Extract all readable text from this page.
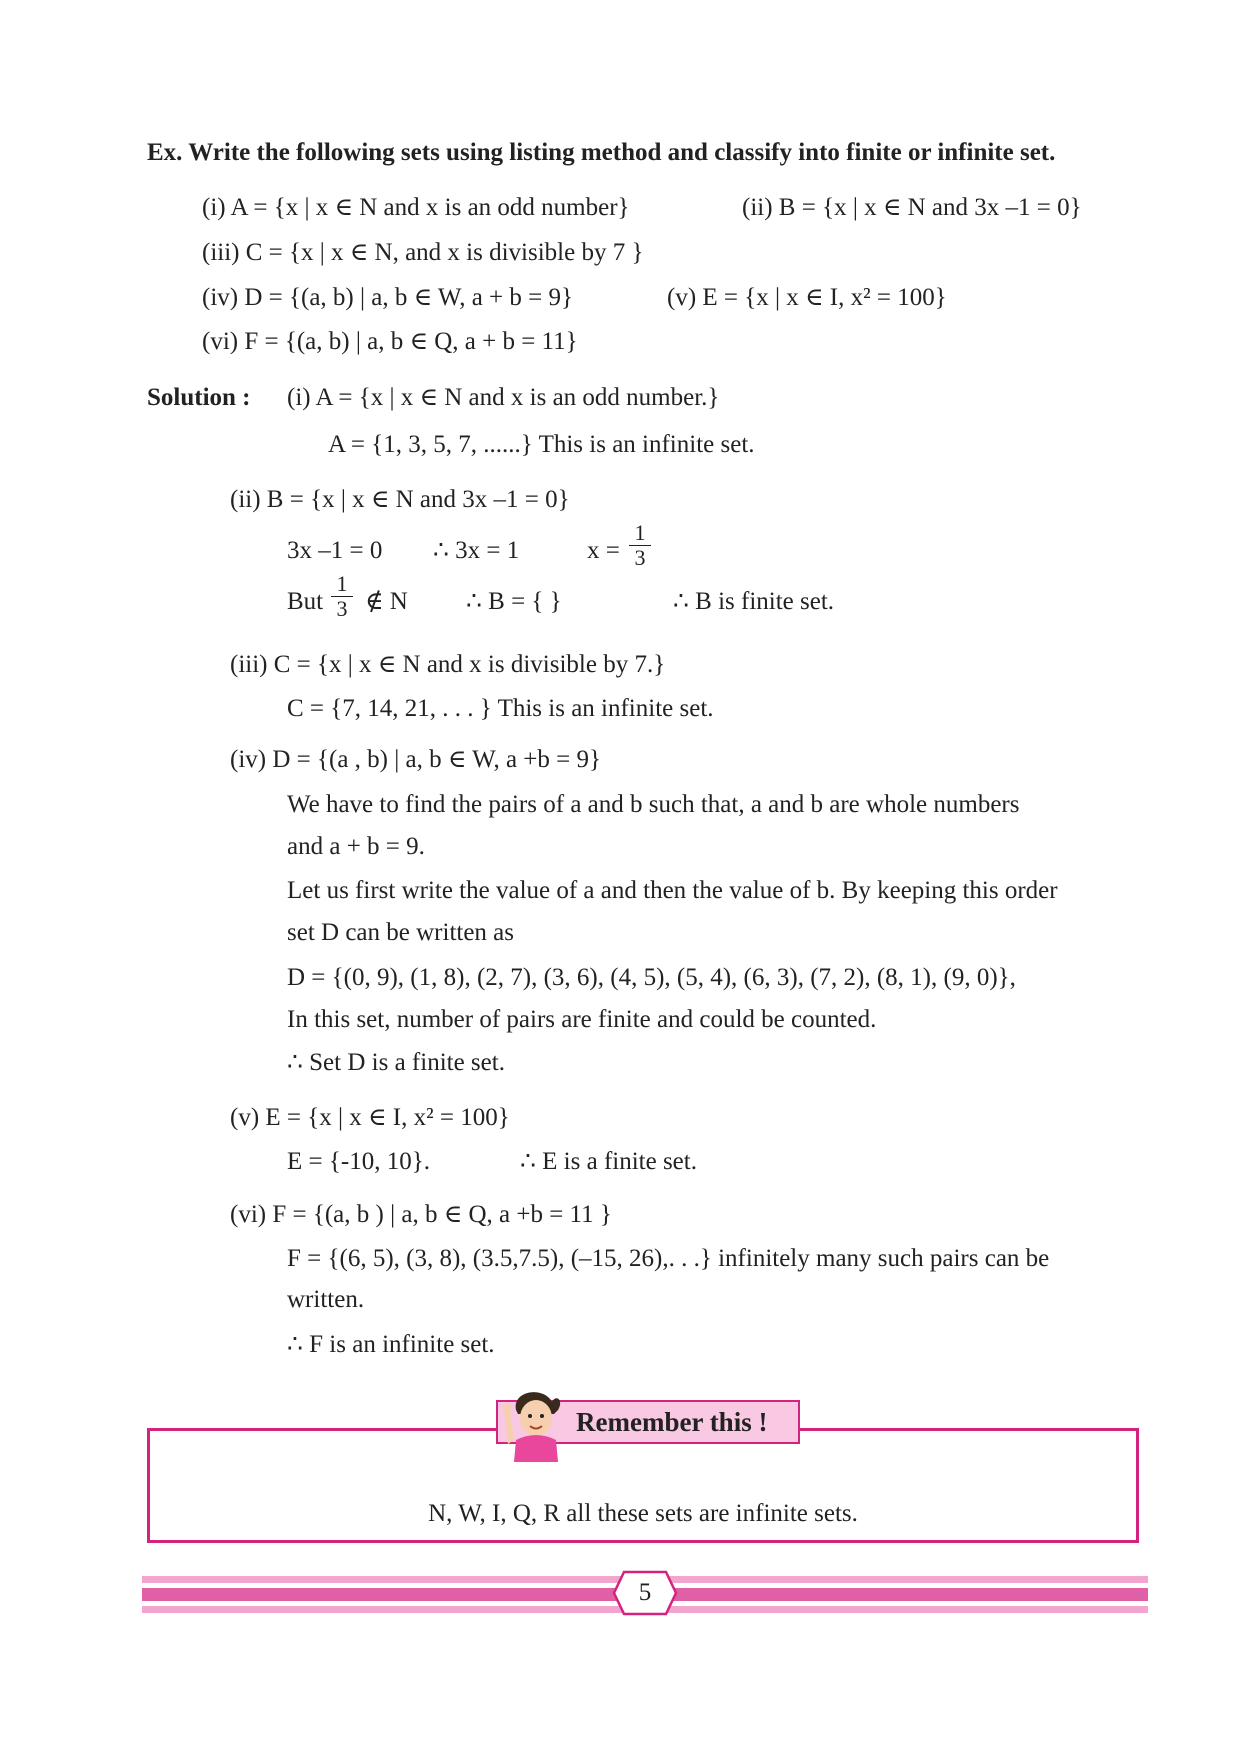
Ex. Write the following sets using listing method and classify into finite or infinite set.
(i) A = {x | x ∈ N and x is an odd number}	(ii) B = {x | x ∈ N and 3x –1 = 0}
(iii) C = {x | x ∈ N, and x is divisible by 7 }
(iv) D = {(a, b) | a, b ∈ W, a + b = 9}	(v) E = {x | x ∈ I, x² = 100}
(vi) F = {(a, b) | a, b ∈ Q, a + b = 11}
Solution : (i) A = {x | x ∈ N and x is an odd number.}
A = {1, 3, 5, 7, ......} This is an infinite set.
(ii) B = {x | x ∈ N and 3x –1 = 0}
3x –1 = 0 ∴ 3x = 1	$x = \frac{1}{3}$
But $\frac{1}{3}$ ∉ N ∴ B = { }	∴ B is finite set.
(iii) C = {x | x ∈ N and x is divisible by 7.}
C = {7, 14, 21, . . . } This is an infinite set.
(iv) D = {(a , b) | a, b ∈ W, a +b = 9}
We have to find the pairs of a and b such that, a and b are whole numbers
and a + b = 9.
Let us first write the value of a and then the value of b. By keeping this order
set D can be written as
D = {(0, 9), (1, 8), (2, 7), (3, 6), (4, 5), (5, 4), (6, 3), (7, 2), (8, 1), (9, 0)},
In this set, number of pairs are finite and could be counted.
∴ Set D is a finite set.
(v) E = {x | x ∈ I, x² = 100}
E = {-10, 10}.	∴ E is a finite set.
(vi) F = {(a, b ) | a, b ∈ Q, a +b = 11 }
F = {(6, 5), (3, 8), (3.5,7.5), (–15, 26),. . .} infinitely many such pairs can be
written.
∴ F is an infinite set.
Remember this !
N, W, I, Q, R all these sets are infinite sets.
5
